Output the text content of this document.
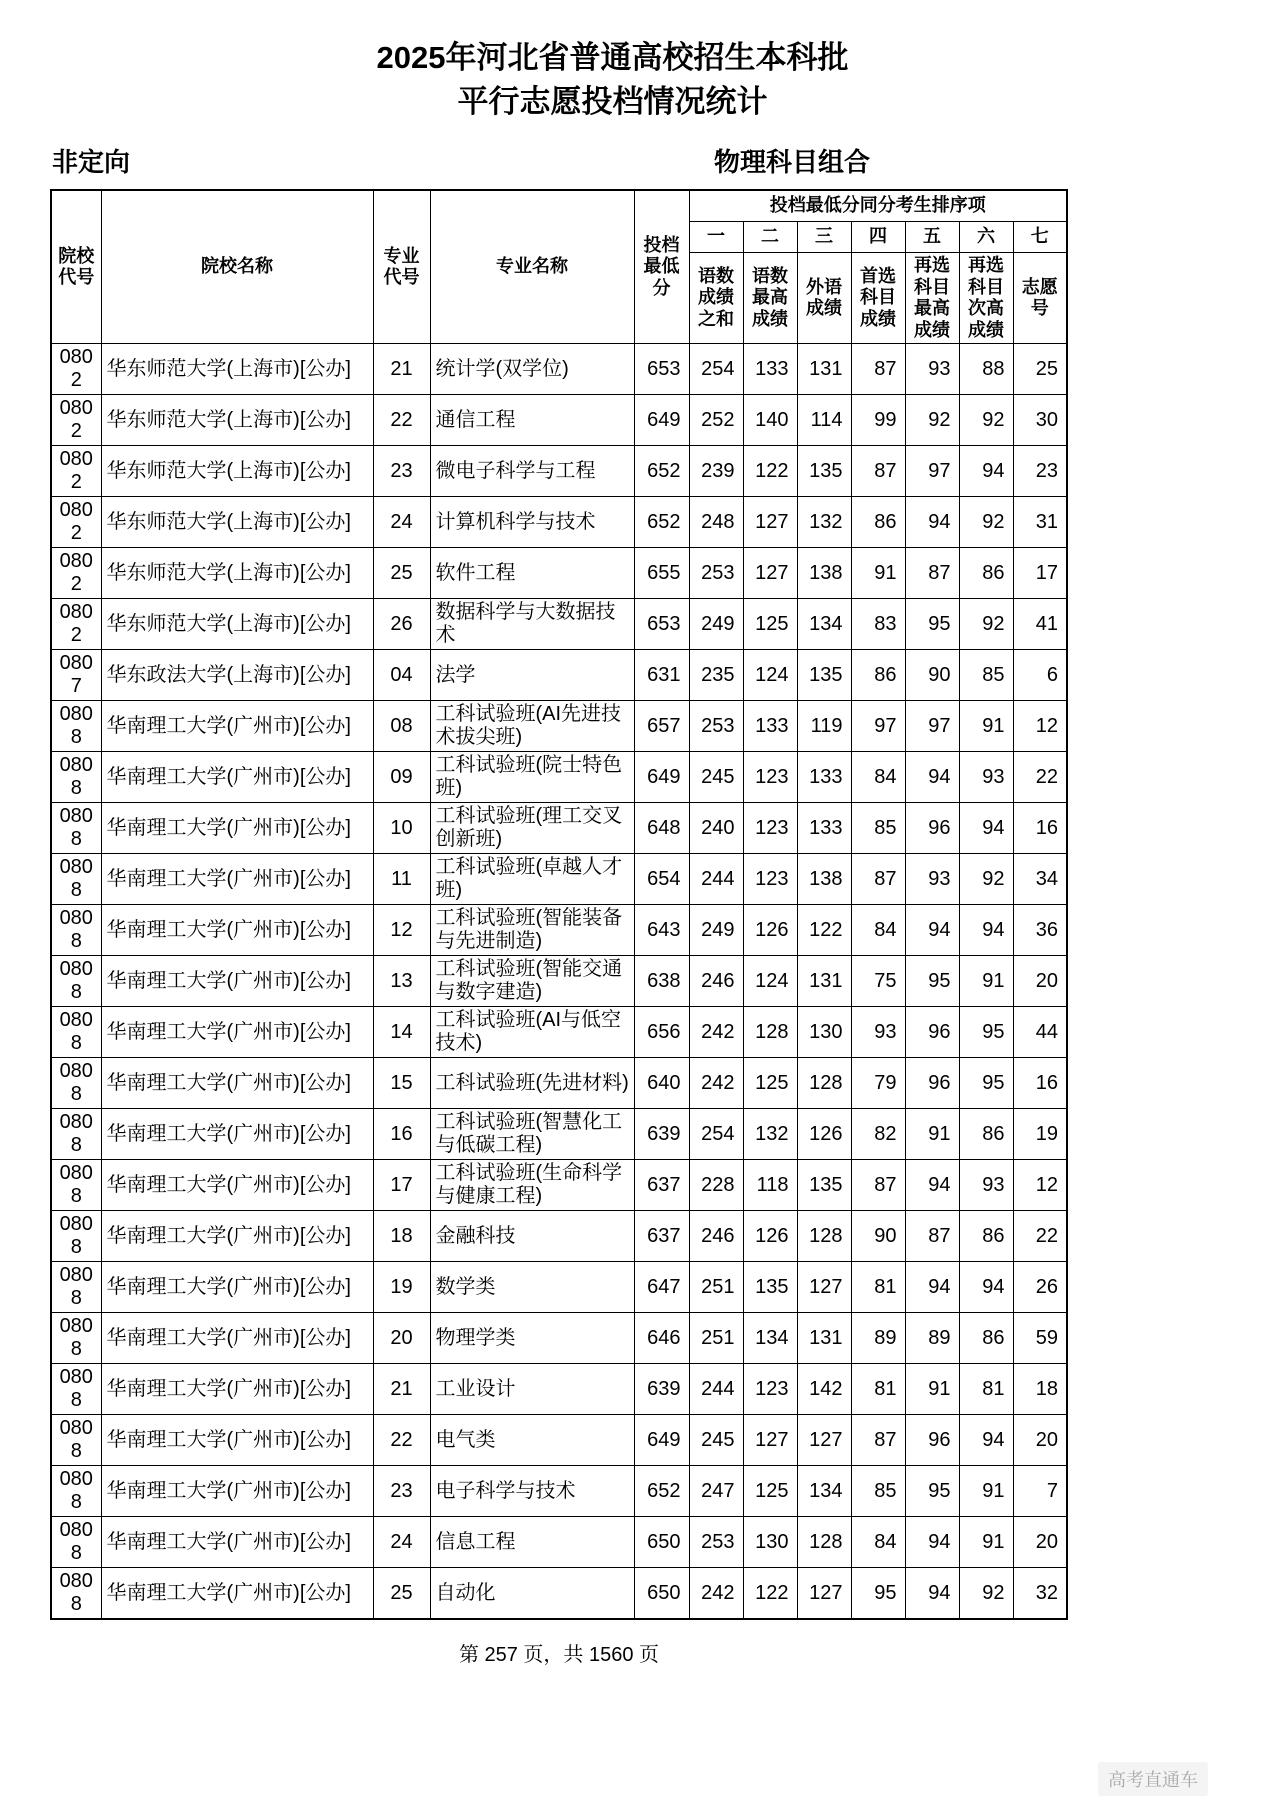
2025年河北省普通高校招生本科批
平行志愿投档情况统计
非定向	物理科目组合
院校代号	院校名称	专业代号	专业名称	投档最低分	投档最低分同分考生排序项						
					一	二	三	四	五	六	七
					语数成绩之和	语数最高成绩	外语成绩	首选科目成绩	再选科目最高成绩	再选科目次高成绩	志愿号
0802	华东师范大学(上海市)[公办]	21	统计学(双学位)	653	254	133	131	87	93	88	25
0802	华东师范大学(上海市)[公办]	22	通信工程	649	252	140	114	99	92	92	30
0802	华东师范大学(上海市)[公办]	23	微电子科学与工程	652	239	122	135	87	97	94	23
0802	华东师范大学(上海市)[公办]	24	计算机科学与技术	652	248	127	132	86	94	92	31
0802	华东师范大学(上海市)[公办]	25	软件工程	655	253	127	138	91	87	86	17
0802	华东师范大学(上海市)[公办]	26	数据科学与大数据技术	653	249	125	134	83	95	92	41
0807	华东政法大学(上海市)[公办]	04	法学	631	235	124	135	86	90	85	6
0808	华南理工大学(广州市)[公办]	08	工科试验班(AI先进技术拔尖班)	657	253	133	119	97	97	91	12
0808	华南理工大学(广州市)[公办]	09	工科试验班(院士特色班)	649	245	123	133	84	94	93	22
0808	华南理工大学(广州市)[公办]	10	工科试验班(理工交叉创新班)	648	240	123	133	85	96	94	16
0808	华南理工大学(广州市)[公办]	11	工科试验班(卓越人才班)	654	244	123	138	87	93	92	34
0808	华南理工大学(广州市)[公办]	12	工科试验班(智能装备与先进制造)	643	249	126	122	84	94	94	36
0808	华南理工大学(广州市)[公办]	13	工科试验班(智能交通与数字建造)	638	246	124	131	75	95	91	20
0808	华南理工大学(广州市)[公办]	14	工科试验班(AI与低空技术)	656	242	128	130	93	96	95	44
0808	华南理工大学(广州市)[公办]	15	工科试验班(先进材料)	640	242	125	128	79	96	95	16
0808	华南理工大学(广州市)[公办]	16	工科试验班(智慧化工与低碳工程)	639	254	132	126	82	91	86	19
0808	华南理工大学(广州市)[公办]	17	工科试验班(生命科学与健康工程)	637	228	118	135	87	94	93	12
0808	华南理工大学(广州市)[公办]	18	金融科技	637	246	126	128	90	87	86	22
0808	华南理工大学(广州市)[公办]	19	数学类	647	251	135	127	81	94	94	26
0808	华南理工大学(广州市)[公办]	20	物理学类	646	251	134	131	89	89	86	59
0808	华南理工大学(广州市)[公办]	21	工业设计	639	244	123	142	81	91	81	18
0808	华南理工大学(广州市)[公办]	22	电气类	649	245	127	127	87	96	94	20
0808	华南理工大学(广州市)[公办]	23	电子科学与技术	652	247	125	134	85	95	91	7
0808	华南理工大学(广州市)[公办]	24	信息工程	650	253	130	128	84	94	91	20
0808	华南理工大学(广州市)[公办]	25	自动化	650	242	122	127	95	94	92	32
第 257 页，共 1560 页
高考直通车
